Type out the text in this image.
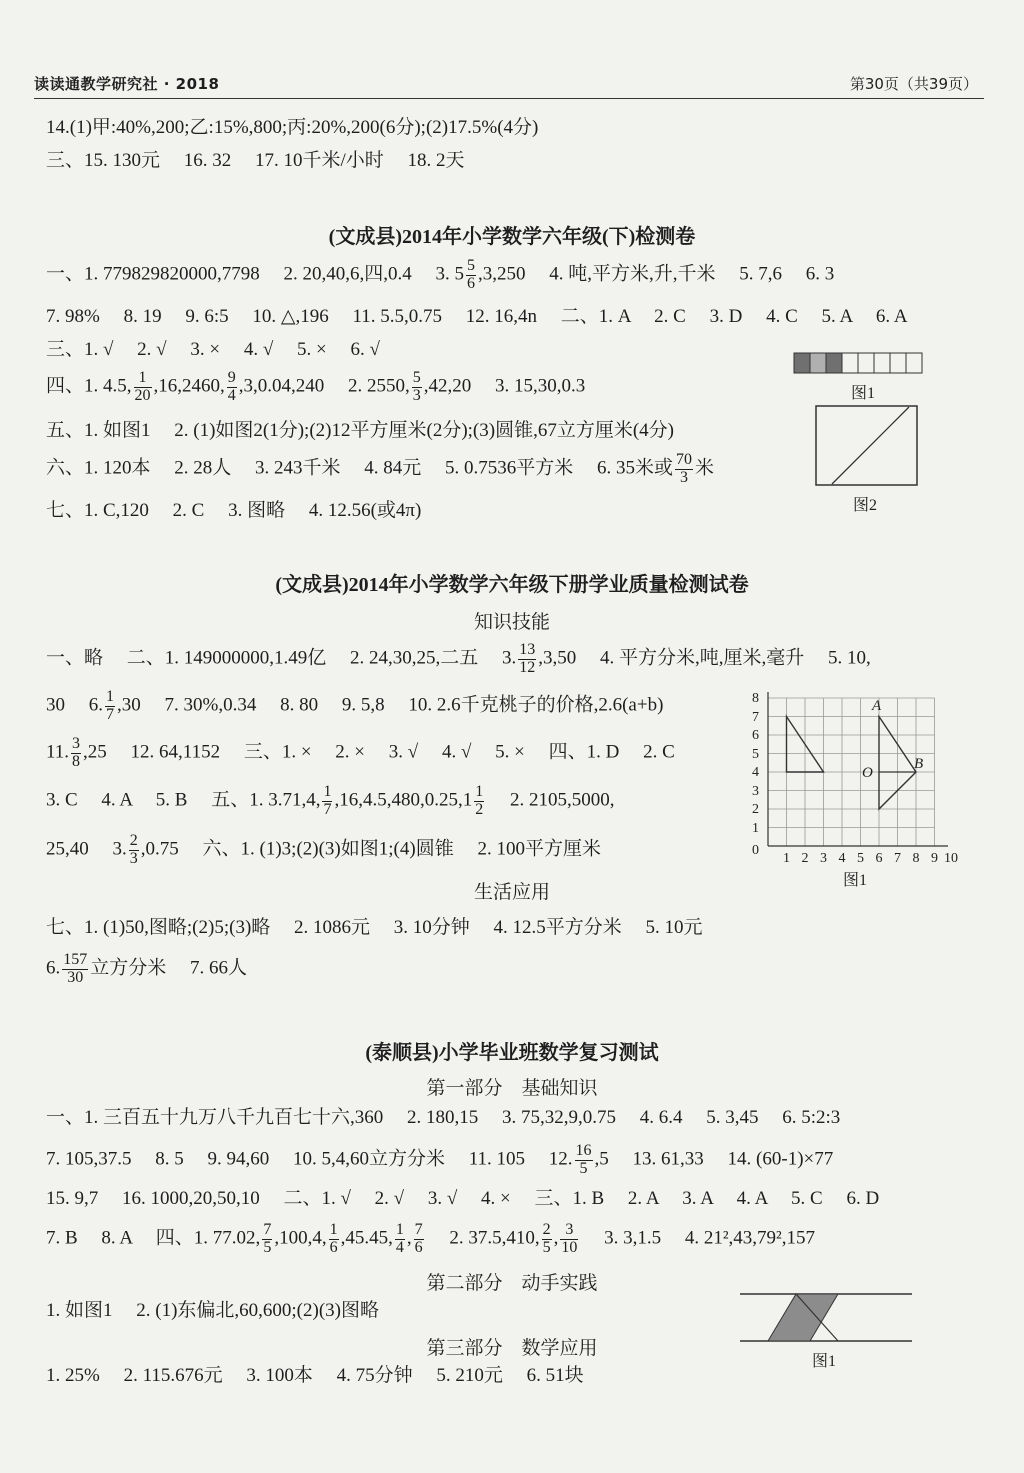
读读通教学研究社 · 2018	第30页（共39页）
14.(1)甲:40%,200;乙:15%,800;丙:20%,200(6分);(2)17.5%(4分)
三、15. 130元　 16. 32　 17. 10千米/小时　 18. 2天
(文成县)2014年小学数学六年级(下)检测卷
一、1. 779829820000,7798　 2. 20,40,6,四,0.4　 3. $5 \frac{5}{6} ,3,250$　 4. 吨,平方米,升,千米　 5. 7,6　 6. 3
7. 98%　 8. 19　 9. 6:5　 10. △,196　 11. 5.5,0.75　 12. 16,4n　 二、1. A　 2. C　 3. D　 4. C　 5. A　 6. A
三、1. √　 2. √　 3. ×　 4. √　 5. ×　 6. √
四、1. 4.5, $\frac{1}{20} ,16,2460$, $\frac{9}{4} ,3,0.04,240$　 2. 2550, $\frac{5}{3} ,42,20$　 3. 15,30,0.3
五、1. 如图1　 2. (1)如图2(1分);(2)12平方厘米(2分);(3)圆锥,67立方厘米(4分)
六、1. 120本　 2. 28人　 3. 243千米　 4. 84元　 5. 0.7536平方米　 6. 35米或 $\frac{70}{3}$ 米
七、1. C,120　 2. C　 3. 图略　 4. 12.56(或4π)
图1
图2
(文成县)2014年小学数学六年级下册学业质量检测试卷
知识技能
一、略　 二、1. 149000000,1.49亿　 2. 24,30,25,二五　 3. $\frac{13}{12} ,3,50$　 4. 平方分米,吨,厘米,毫升　 5. 10,
30　 6. $\frac{1}{7} ,30$　 7. 30%,0.34　 8. 80　 9. 5,8　 10. 2.6千克桃子的价格,2.6(a+b)
11. $\frac{3}{8} ,25$　 12. 64,1152　 三、1. ×　 2. ×　 3. √　 4. √　 5. ×　 四、1. D　 2. C
3. C　 4. A　 5. B　 五、1. 3.71,4, $\frac{1}{7} ,16,4.5,480,0.25,1 \frac{1}{2}$ 　 2. 2105,5000,
25,40　 3. $\frac{2}{3} ,0.75$　 六、1. (1)3;(2)(3)如图1;(4)圆锥　 2. 100平方厘米
生活应用
七、1. (1)50,图略;(2)5;(3)略　 2. 1086元　 3. 10分钟　 4. 12.5平方分米　 5. 10元
6. $\frac{157}{30}$ 立方分米　 7. 66人
8
7
6
5
4
3
2
1
0
1 2 3 4 5 6 7 8 9 10
A
B
O
图1
(泰顺县)小学毕业班数学复习测试
第一部分　基础知识
一、1. 三百五十九万八千九百七十六,360　 2. 180,15　 3. 75,32,9,0.75　 4. 6.4　 5. 3,45　 6. 5:2:3
7. 105,37.5　 8. 5　 9. 94,60　 10. 5,4,60立方分米　 11. 105　 12. $\frac{16}{5} ,5$　 13. 61,33　 14. (60-1)×77
15. 9,7　 16. 1000,20,50,10　 二、1. √　 2. √　 3. √　 4. ×　 三、1. B　 2. A　 3. A　 4. A　 5. C　 6. D
7. B　 8. A　 四、1. 77.02, $\frac{7}{5} ,100,4$, $\frac{1}{6} ,45.45$, $\frac{1}{4}$ , $\frac{7}{6}$ 　 2. 37.5,410, $\frac{2}{5}$ , $\frac{3}{10}$ 　 3. 3,1.5　 4. 21²,43,79²,157
第二部分　动手实践
1. 如图1　 2. (1)东偏北,60,600;(2)(3)图略
第三部分　数学应用
1. 25%　 2. 115.676元　 3. 100本　 4. 75分钟　 5. 210元　 6. 51块
图1
